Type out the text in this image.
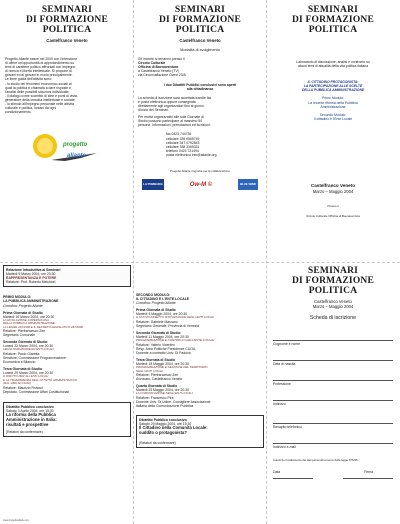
SEMINARI
DI FORMAZIONE POLITICA
Castelfranco Veneto
Progetto Aliante nasce nel 2000 con l'intenzione
di offrire un'opportunità di approfondimento su
temi di carattere politico affrontati con impegno
di ricerca e libertà intellettuale. Si propone di
giovani ed ai giovani in modo principalmente.
Le linee guida dell'attività sono:
- lo studio dei fenomeni economico-sociali ai
quali la politica è chiamata a dare risposte e
l'analisi delle possibili soluzioni individuate;
- il dialogo come scambio di idee e punti di vista,
generatore della crescita intellettuale e sociale;
- lo stimolo all'impegno personale nelle attività
culturale e politica, lontani da ogni
condizionamento.
progetto
aliante
SEMINARI
DI FORMAZIONE POLITICA
Castelfranco Veneto
Modalità di svolgimento
Gli incontri si terranno presso il
Circolo Culturale
Officina di Buenaventura
a Castelfranco Veneto (TV)
via Circonvallazione Ovest 23/A
I due Dibattiti Pubblici conclusivi sono aperti
alla cittadinanza
La scheda di iscrizione sarà accettata tramite fax
e posta elettronica oppure consegnata
direttamente agli organizzatori fino al giorno
d'inizio dei Seminari.
Per motivi organizzativi alle sole Giornate di
Studio possono partecipare al massimo 50
persone. Informazioni, prenotazioni ed iscrizioni:
fax 0423 744736
cellulare 335 6565749
cellulare 347 0792843
cellulare 338 3365331
telefono 0423 721494
posta elettronica info@aliante.org
Progetto Aliante ringrazia per la collaborazione
LA POMBARIA	Ow-M ©	BLUE WIND
SEMINARI
DI FORMAZIONE POLITICA
Laboratorio di discussione, analisi e confronto su
alcuni temi di attualità della vita politica italiana
IL CITTADINO PROTAGONISTA:
LA PARTECIPAZIONE ALLE SCELTE
DELLA PUBBLICA AMMINISTRAZIONE
Primo Modulo:
La recente riforma della Pubblica
Amministrazione
Secondo Modulo:
Il cittadino e l'Ente Locale
Castelfranco Veneto
Marzo – Maggio 2004
Presso il
Circolo Culturale Officina di Buenaventura
Relazione Introduttiva ai Seminari
Martedì 9 Marzo 2004, ore 20:30
RAPPRESENTANZA E POTERE
Relatore: Prof. Roberto Melchiori
PRIMO MODULO:
LA PUBBLICA AMMINISTRAZIONE
Coordina: Progetto Aliante
Prima Giornata di Studio
Martedì 16 Marzo 2004, ore 20:30
LA RIVOLUZIONE COPERNICANA
DELLA PUBBLICA AMMINISTRAZIONE:
LA LEGGE 241/1990 E IL DECRETO LEGISLATIVO 267/2000
Relatore: Pierfrancesco Zen
Segretario Comunale
Seconda Giornata di Studio
Lunedì 22 Marzo 2004, ore 20:30
LEGGI FINANZIARIE ED ENTI LOCALI
Relatore: Paolo Giaretta
Senatore, Commissione Programmazione
Economica e Bilancio
Terza Giornata di Studio
Lunedì 29 Marzo 2004, ore 20:30
IL DIRITTO PER GLI ENTI LOCALI
E LA TRASPARENZA DELL'ATTIVITÀ AMMINISTRATIVA
(DAL 1990 AD OGGI)
Relatore: Maurizio Fistarol
Deputato, Commissione Affari Costituzionali
Dibattito Pubblico conclusivo
Sabato 3 Aprile 2004, ore 15:30
La riforma della Pubblica
Amministrazione in Italia:
risultati e prospettive
(Relatori da confermare)
www.progettoaliante.org
SECONDO MODULO:
IL CITTADINO E L'ENTE LOCALE
Coordina: Progetto Aliante
Prima Giornata di Studio
Martedì 4 Maggio 2004, ore 20:30
IL NUOVO ASSETTO ISTITUZIONALE DEGLI ENTI LOCALI
Relatore: Gabriele Marzano
Segretario Generale, Provincia di Venezia
Seconda Giornata di Studio
Martedì 11 Maggio 2004, ore 20:30
PROGRAMMAZIONE E CONTROLLO DELL'ENTE LOCALE
Relatore: Valerio Vicentini
Resp. Area Politiche Presidenze CUOA,
Docente a contratto Univ. Di Padova
Terza Giornata di Studio
Martedì 18 Maggio 2004, ore 20:30
PROGRAMMAZIONE E GESTIONE DEL TERRITORIO
NEGLI ENTI LOCALI
Relatore: Pierfrancesco Zen
Avvocato, Castelfranco Veneto
Quarta Giornata di Studio
Martedì 25 Maggio 2004, ore 20:30
LA COMUNICAZIONE NEGLI ENTI LOCALI
Relatore: Francesco Pira
Docente Univ. Di Udine, Consigliere Associazione
Italiana della Comunicazione Pubblica
Dibattito Pubblico conclusivo
Sabato 29 Maggio 2004, ore 15:30
Il Cittadino nella Comunità Locale:
suddito o protagonista?
(Relatori da confermare)
SEMINARI
DI FORMAZIONE POLITICA
Castelfranco Veneto
Marzo – Maggio 2004
Scheda di iscrizione
Cognome e nome
Data di nascita
Professione
Indirizzo
Recapito telefonico
Indirizzo e-mail
Autorizzo il trattamento dei dati personali ai sensi della legge 675/96
Data	Firma
